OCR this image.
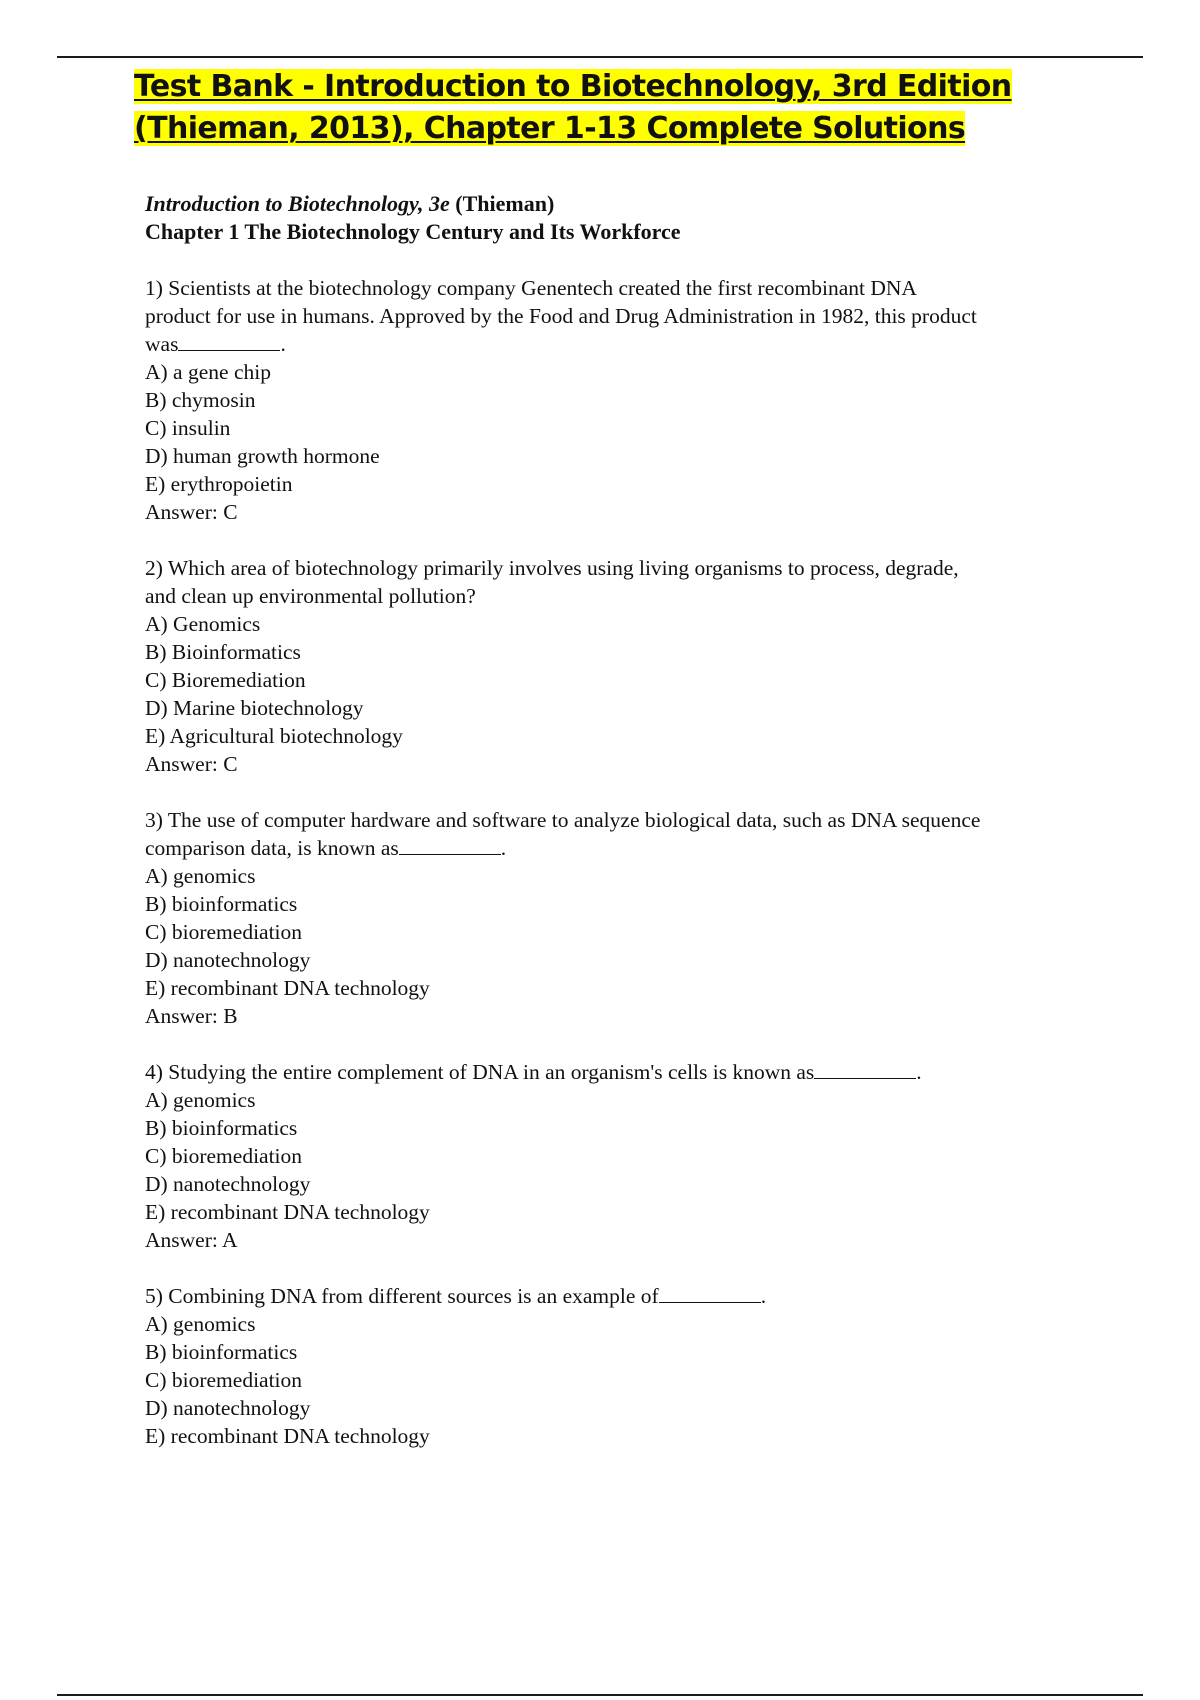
Test Bank - Introduction to Biotechnology, 3rd Edition
(Thieman, 2013), Chapter 1-13 Complete Solutions
Introduction to Biotechnology, 3e (Thieman)
Chapter 1 The Biotechnology Century and Its Workforce
1) Scientists at the biotechnology company Genentech created the first recombinant DNA
product for use in humans. Approved by the Food and Drug Administration in 1982, this product
was	.
A) a gene chip
B) chymosin
C) insulin
D) human growth hormone
E) erythropoietin
Answer: C
2) Which area of biotechnology primarily involves using living organisms to process, degrade,
and clean up environmental pollution?
A) Genomics
B) Bioinformatics
C) Bioremediation
D) Marine biotechnology
E) Agricultural biotechnology
Answer: C
3) The use of computer hardware and software to analyze biological data, such as DNA sequence
comparison data, is known as	.
A) genomics
B) bioinformatics
C) bioremediation
D) nanotechnology
E) recombinant DNA technology
Answer: B
4) Studying the entire complement of DNA in an organism's cells is known as	.
A) genomics
B) bioinformatics
C) bioremediation
D) nanotechnology
E) recombinant DNA technology
Answer: A
5) Combining DNA from different sources is an example of	.
A) genomics
B) bioinformatics
C) bioremediation
D) nanotechnology
E) recombinant DNA technology
